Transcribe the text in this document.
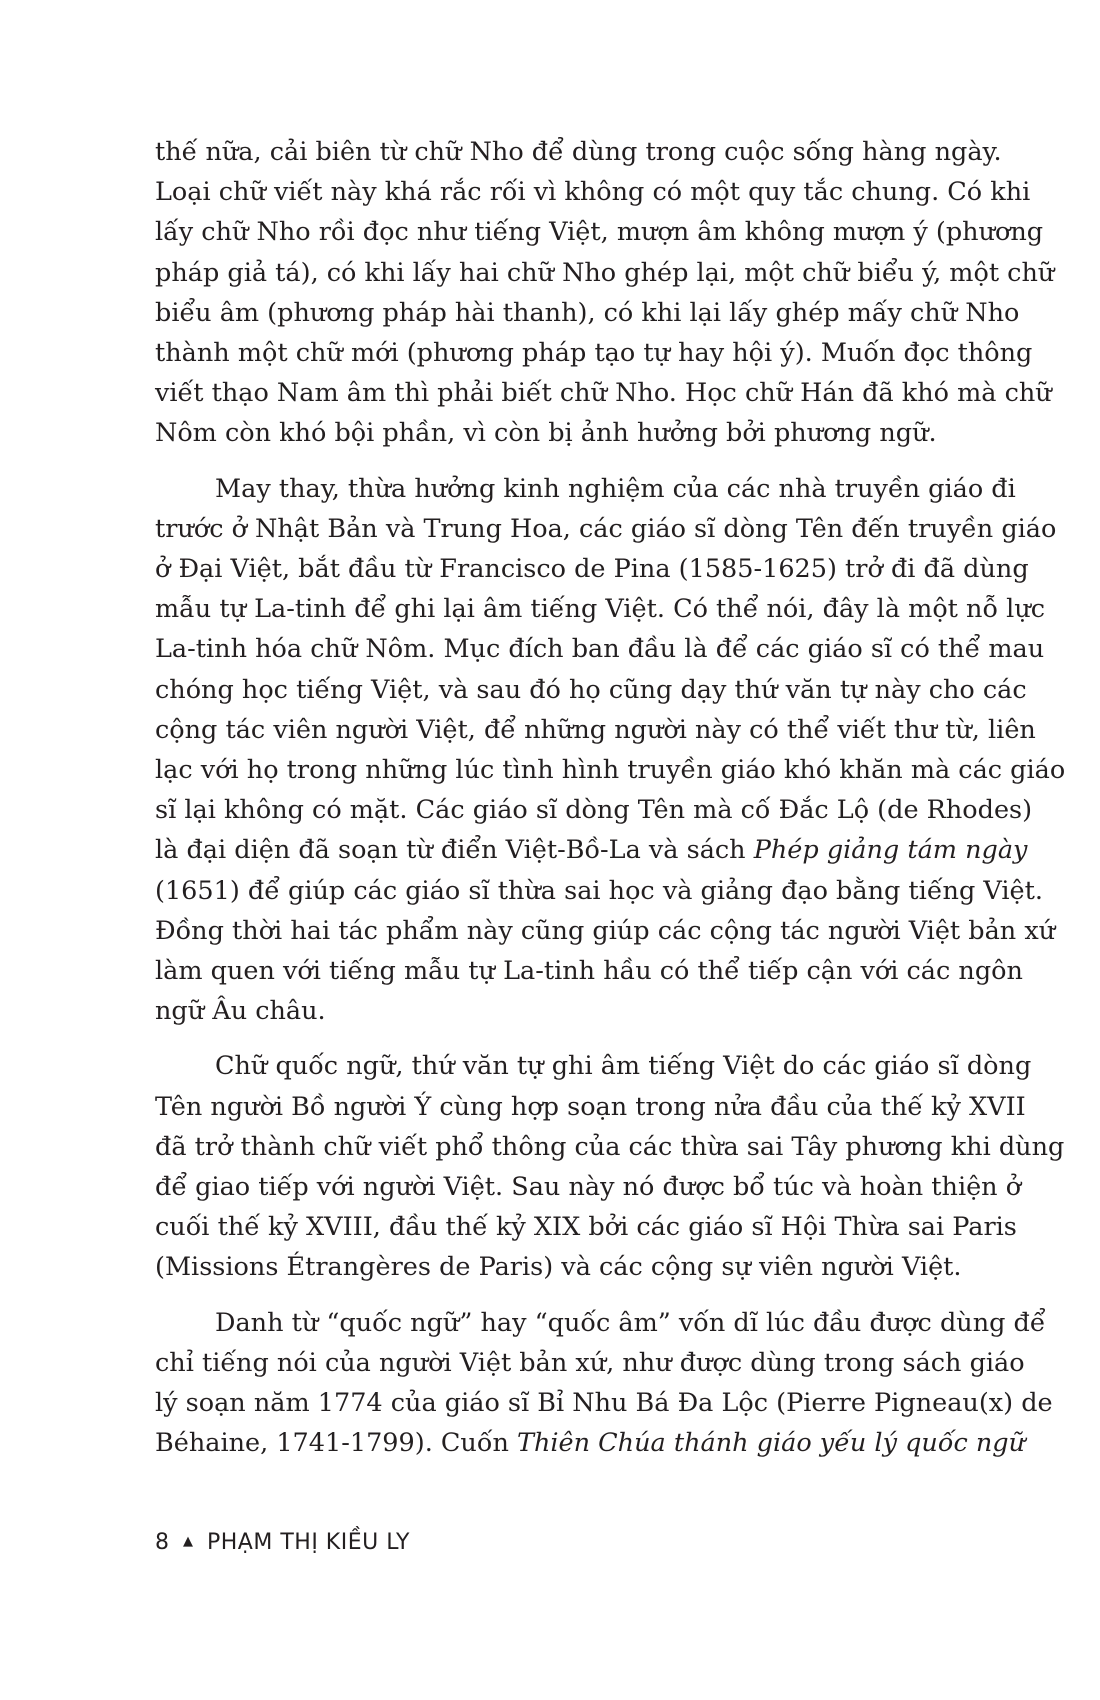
thế nữa, cải biên từ chữ Nho để dùng trong cuộc sống hàng ngày.
Loại chữ viết này khá rắc rối vì không có một quy tắc chung. Có khi
lấy chữ Nho rồi đọc như tiếng Việt, mượn âm không mượn ý (phương
pháp giả tá), có khi lấy hai chữ Nho ghép lại, một chữ biểu ý, một chữ
biểu âm (phương pháp hài thanh), có khi lại lấy ghép mấy chữ Nho
thành một chữ mới (phương pháp tạo tự hay hội ý). Muốn đọc thông
viết thạo Nam âm thì phải biết chữ Nho. Học chữ Hán đã khó mà chữ
Nôm còn khó bội phần, vì còn bị ảnh hưởng bởi phương ngữ.
May thay, thừa hưởng kinh nghiệm của các nhà truyền giáo đi
trước ở Nhật Bản và Trung Hoa, các giáo sĩ dòng Tên đến truyền giáo
ở Đại Việt, bắt đầu từ Francisco de Pina (1585-1625) trở đi đã dùng
mẫu tự La-tinh để ghi lại âm tiếng Việt. Có thể nói, đây là một nỗ lực
La-tinh hóa chữ Nôm. Mục đích ban đầu là để các giáo sĩ có thể mau
chóng học tiếng Việt, và sau đó họ cũng dạy thứ văn tự này cho các
cộng tác viên người Việt, để những người này có thể viết thư từ, liên
lạc với họ trong những lúc tình hình truyền giáo khó khăn mà các giáo
sĩ lại không có mặt. Các giáo sĩ dòng Tên mà cố Đắc Lộ (de Rhodes)
là đại diện đã soạn từ điển Việt-Bồ-La và sách Phép giảng tám ngày
(1651) để giúp các giáo sĩ thừa sai học và giảng đạo bằng tiếng Việt.
Đồng thời hai tác phẩm này cũng giúp các cộng tác người Việt bản xứ
làm quen với tiếng mẫu tự La-tinh hầu có thể tiếp cận với các ngôn
ngữ Âu châu.
Chữ quốc ngữ, thứ văn tự ghi âm tiếng Việt do các giáo sĩ dòng
Tên người Bồ người Ý cùng hợp soạn trong nửa đầu của thế kỷ XVII
đã trở thành chữ viết phổ thông của các thừa sai Tây phương khi dùng
để giao tiếp với người Việt. Sau này nó được bổ túc và hoàn thiện ở
cuối thế kỷ XVIII, đầu thế kỷ XIX bởi các giáo sĩ Hội Thừa sai Paris
(Missions Étrangères de Paris) và các cộng sự viên người Việt.
Danh từ “quốc ngữ” hay “quốc âm” vốn dĩ lúc đầu được dùng để
chỉ tiếng nói của người Việt bản xứ, như được dùng trong sách giáo
lý soạn năm 1774 của giáo sĩ Bỉ Nhu Bá Đa Lộc (Pierre Pigneau(x) de
Béhaine, 1741-1799). Cuốn Thiên Chúa thánh giáo yếu lý quốc ngữ
8 ▲ PHẠM THỊ KIỀU LY
